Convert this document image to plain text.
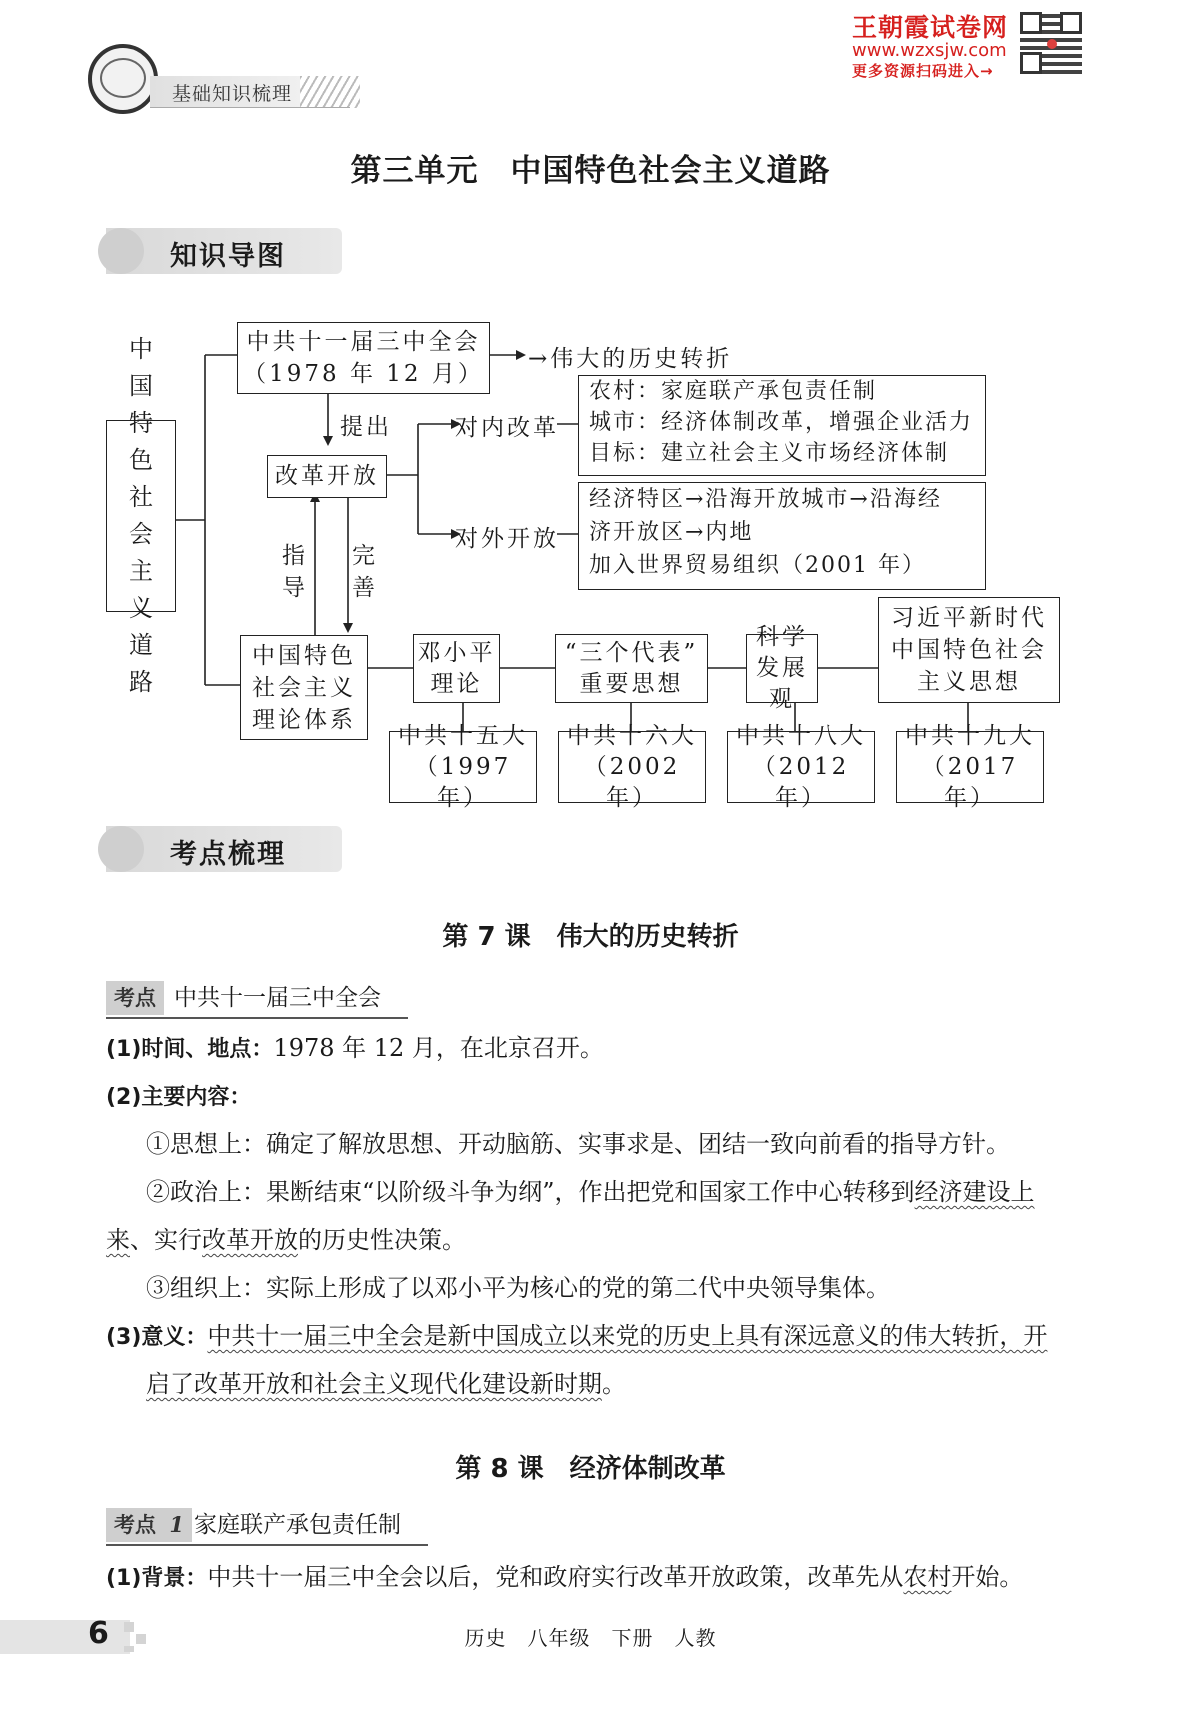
基础知识梳理
王朝霞试卷网
www.wzxsjw.com
更多资源扫码进入→
第三单元　中国特色社会主义道路
知识导图
中国特色社会主义道路
中共十一届三中全会
（1978 年 12 月）
→伟大的历史转折
提出
改革开放
对内改革
对外开放
农村：家庭联产承包责任制
城市：经济体制改革，增强企业活力
目标：建立社会主义市场经济体制
经济特区→沿海开放城市→沿海经
济开放区→内地
加入世界贸易组织（2001 年）
指导
完善
中国特色
社会主义
理论体系
邓小平
理论
“三个代表”
重要思想
科学
发展观
习近平新时代
中国特色社会
主义思想
中共十五大
（1997 年）
中共十六大
（2002 年）
中共十八大
（2012 年）
中共十九大
（2017 年）
考点梳理
第 7 课　伟大的历史转折
考点 中共十一届三中全会
(1)时间、地点：1978 年 12 月，在北京召开。
(2)主要内容：
①思想上：确定了解放思想、开动脑筋、实事求是、团结一致向前看的指导方针。
②政治上：果断结束“以阶级斗争为纲”，作出把党和国家工作中心转移到经济建设上
来、实行改革开放的历史性决策。
③组织上：实际上形成了以邓小平为核心的党的第二代中央领导集体。
(3)意义：中共十一届三中全会是新中国成立以来党的历史上具有深远意义的伟大转折，开
启了改革开放和社会主义现代化建设新时期。
第 8 课　经济体制改革
考点 1 家庭联产承包责任制
(1)背景：中共十一届三中全会以后，党和政府实行改革开放政策，改革先从农村开始。
6	历史　八年级　下册　人教
